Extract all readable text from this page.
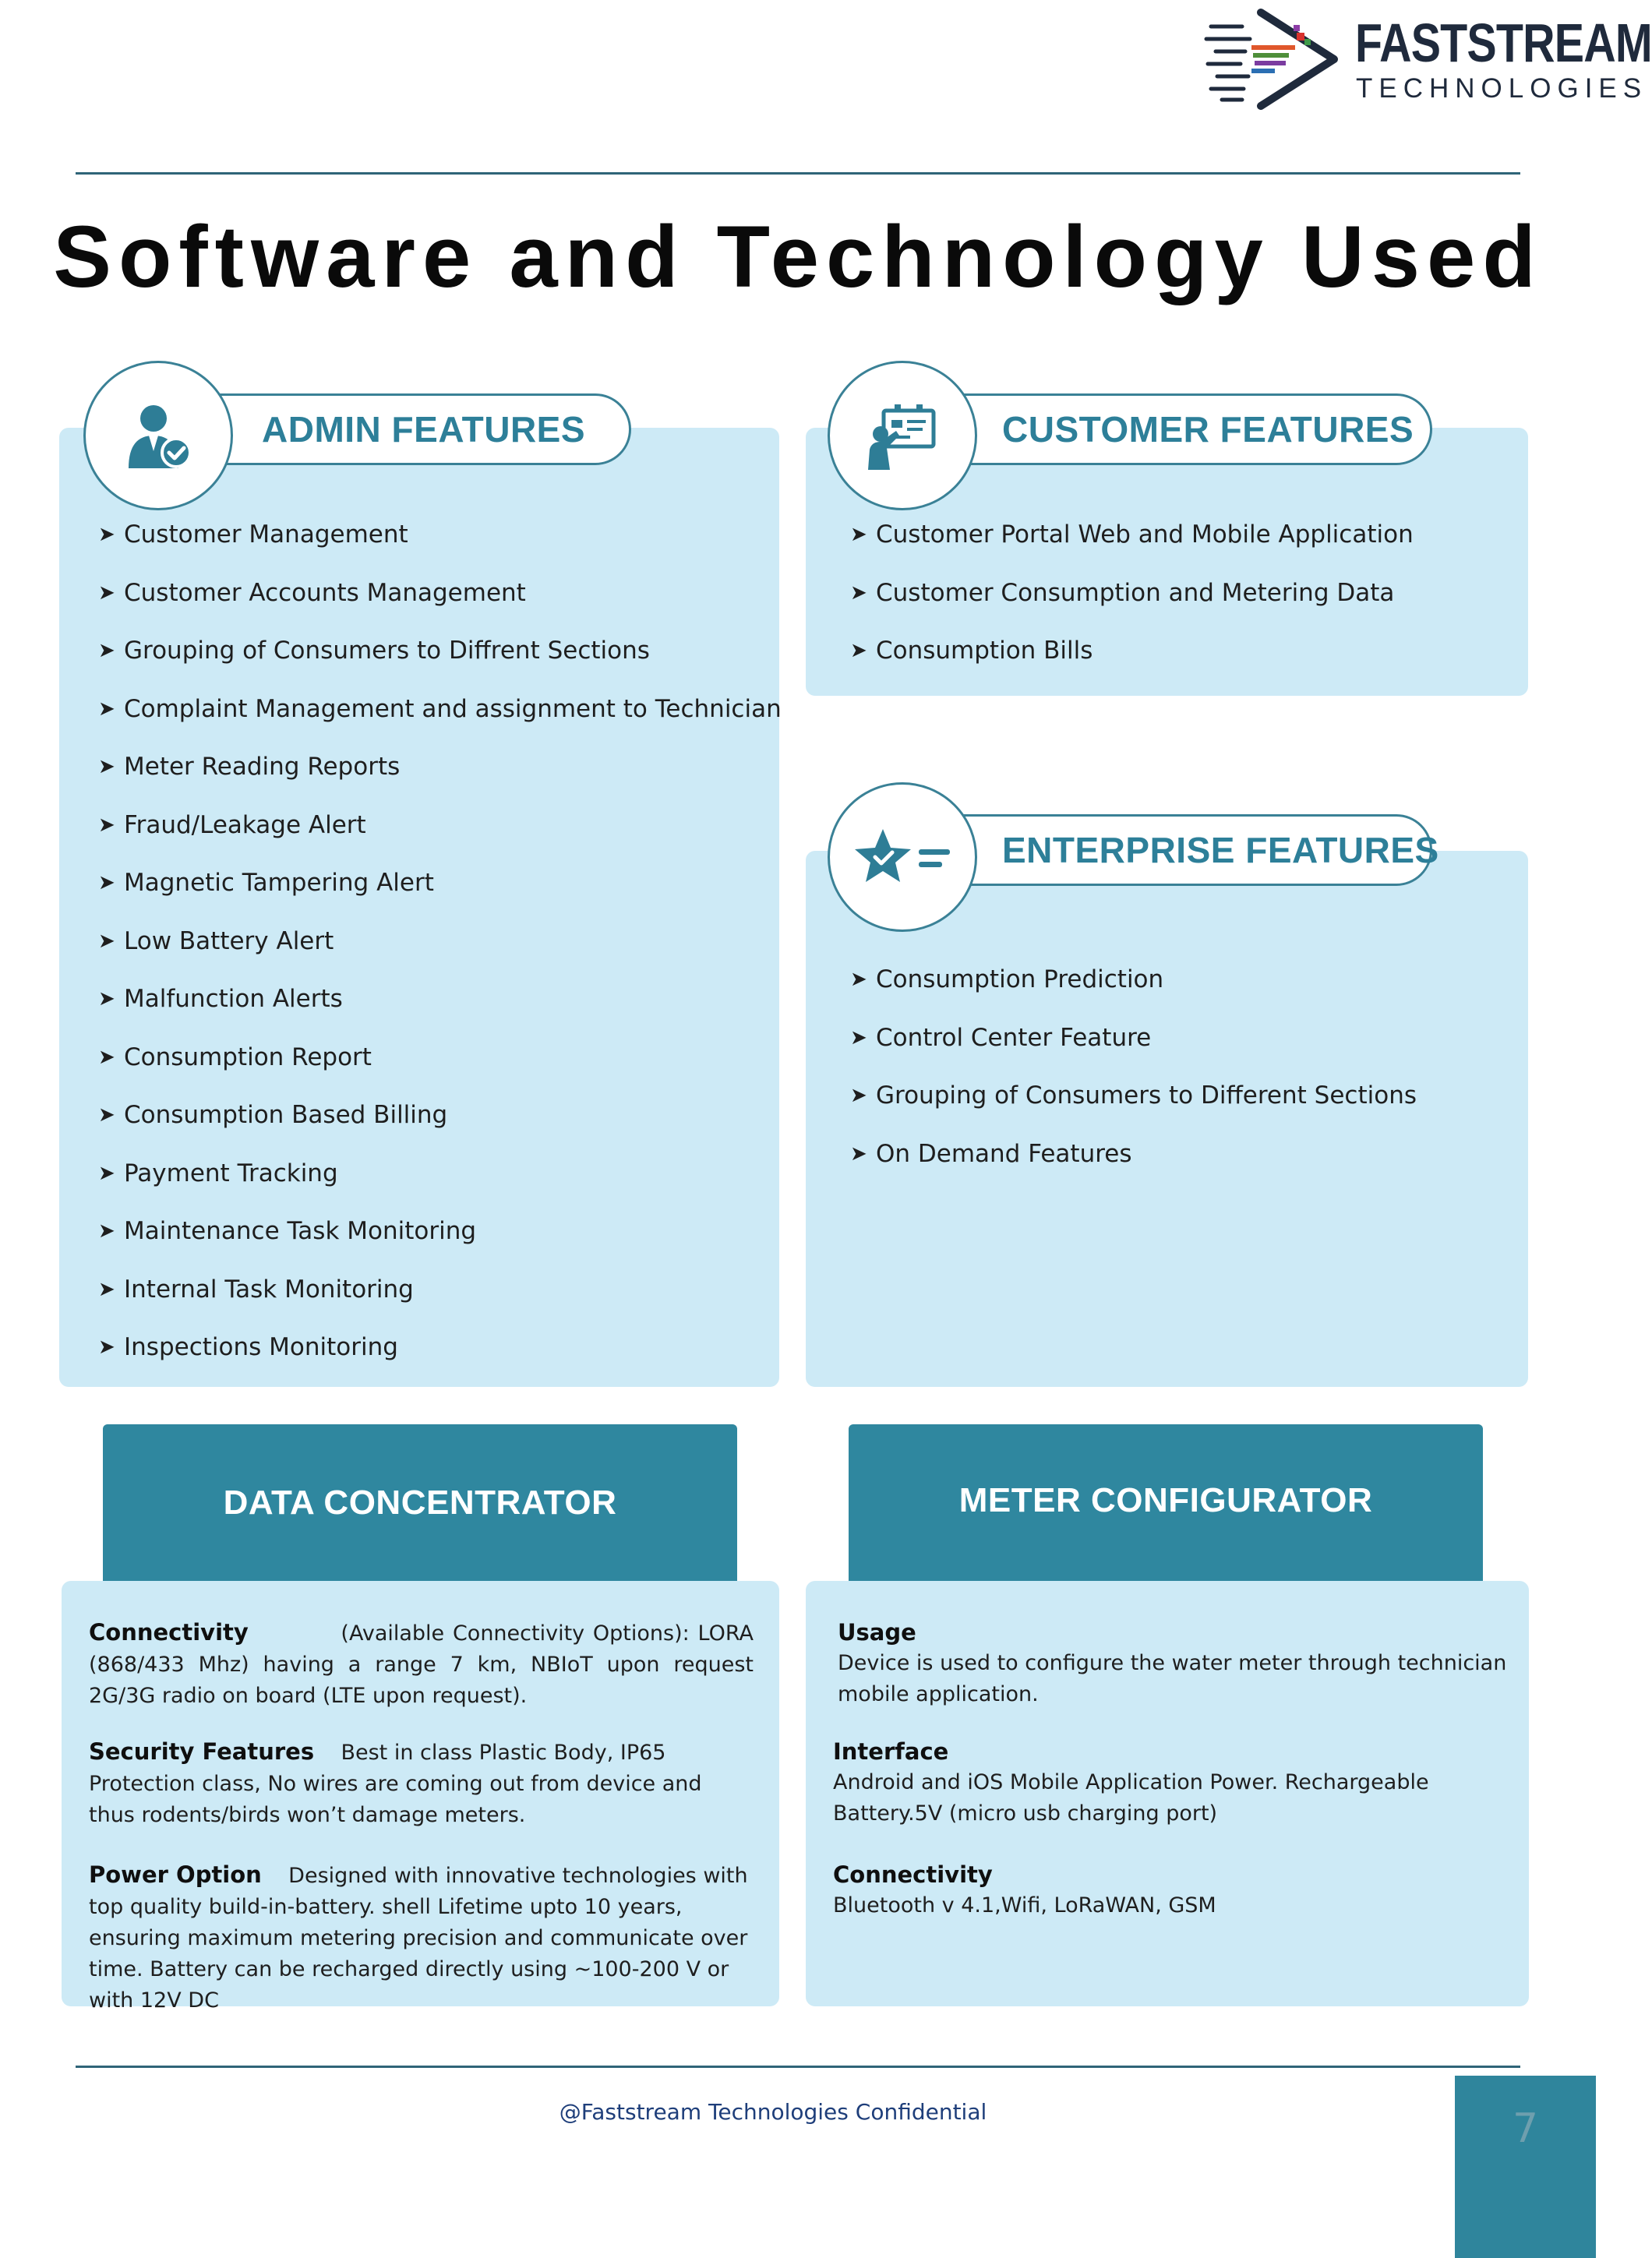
FASTSTREAM
TECHNOLOGIES
Software and Technology Used
ADMIN FEATURES
➤ Customer Management
➤ Customer Accounts Management
➤ Grouping of Consumers to Diffrent Sections
➤ Complaint Management and assignment to Technician
➤ Meter Reading Reports
➤ Fraud/Leakage Alert
➤ Magnetic Tampering Alert
➤ Low Battery Alert
➤ Malfunction Alerts
➤ Consumption Report
➤ Consumption Based Billing
➤ Payment Tracking
➤ Maintenance Task Monitoring
➤ Internal Task Monitoring
➤ Inspections Monitoring
CUSTOMER FEATURES
➤ Customer Portal Web and Mobile Application
➤ Customer Consumption and Metering Data
➤ Consumption Bills
ENTERPRISE FEATURES
➤ Consumption Prediction
➤ Control Center Feature
➤ Grouping of Consumers to Different Sections
➤ On Demand Features
DATA CONCENTRATOR
Connectivity	(Available Connectivity Options): LORA (868/433 Mhz) having a range 7 km, NBIoT upon request 2G/3G radio on board (LTE upon request).
Security Features Best in class Plastic Body, IP65 Protection class, No wires are coming out from device and thus rodents/birds won’t damage meters.
Power Option Designed with innovative technologies with top quality build-in-battery. shell Lifetime upto 10 years, ensuring maximum metering precision and communicate over time. Battery can be recharged directly using ~100-200 V or with 12V DC
METER CONFIGURATOR
Usage
Device is used to configure the water meter through technician mobile application.
Interface
Android and iOS Mobile Application Power. Rechargeable Battery.5V (micro usb charging port)
Connectivity
Bluetooth v 4.1,Wifi, LoRaWAN, GSM
@Faststream Technologies Confidential	7
